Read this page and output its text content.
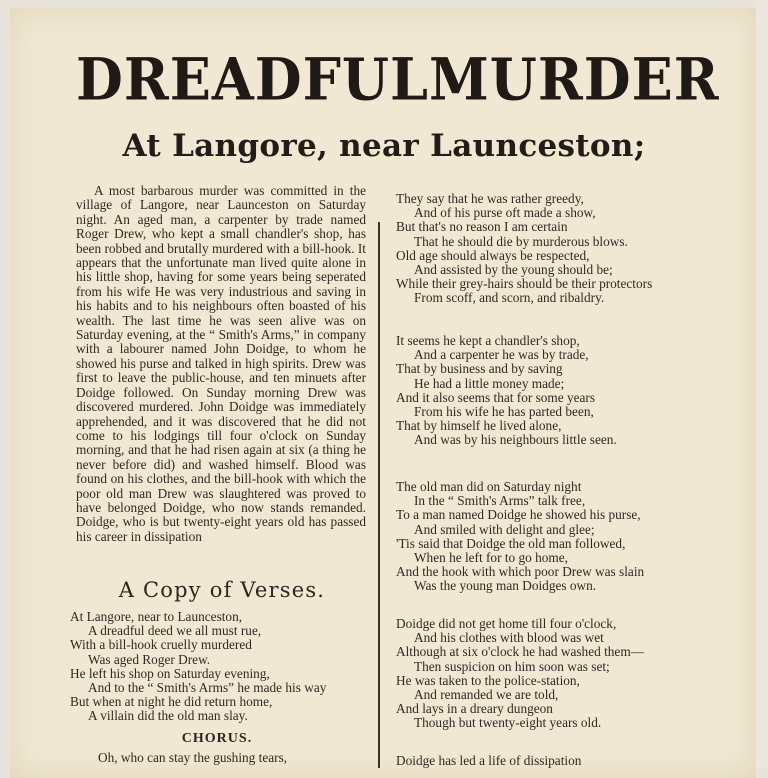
DREADFUL MURDER
At Langore, near Launceston;

A most barbarous murder was committed in the village of Langore, near Launceston on Saturday night. An aged man, a carpenter by trade named Roger Drew, who kept a small chandler's shop, has been robbed and brutally murdered with a bill-hook. It appears that the unfortunate man lived quite alone in his little shop, having for some years being seperated from his wife He was very industrious and saving in his habits and to his neighbours often boasted of his wealth. The last time he was seen alive was on Saturday evening, at the “ Smith's Arms,” in company with a labourer named John Doidge, to whom he showed his purse and talked in high spirits. Drew was first to leave the public-house, and ten minuets after Doidge followed. On Sunday morning Drew was discovered murdered. John Doidge was immediately apprehended, and it was discovered that he did not come to his lodgings till four o'clock on Sunday morning, and that he had risen again at six (a thing he never before did) and washed himself. Blood was found on his clothes, and the bill-hook with which the poor old man Drew was slaughtered was proved to have belonged Doidge, who now stands remanded. Doidge, who is but twenty-eight years old has passed his career in dissipation

A Copy of Verses.
At Langore, near to Launceston,
A dreadful deed we all must rue,
With a bill-hook cruelly murdered
Was aged Roger Drew.
He left his shop on Saturday evening,
And to the “ Smith's Arms” he made his way
But when at night he did return home,
A villain did the old man slay.
CHORUS.
Oh, who can stay the gushing tears,
They say that he was rather greedy,
And of his purse oft made a show,
But that's no reason I am certain
That he should die by murderous blows.
Old age should always be respected,
And assisted by the young should be;
While their grey-hairs should be their protectors
From scoff, and scorn, and ribaldry.
It seems he kept a chandler's shop,
And a carpenter he was by trade,
That by business and by saving
He had a little money made;
And it also seems that for some years
From his wife he has parted been,
That by himself he lived alone,
And was by his neighbours little seen.
The old man did on Saturday night
In the “ Smith's Arms” talk free,
To a man named Doidge he showed his purse,
And smiled with delight and glee;
'Tis said that Doidge the old man followed,
When he left for to go home,
And the hook with which poor Drew was slain
Was the young man Doidges own.
Doidge did not get home till four o'clock,
And his clothes with blood was wet
Although at six o'clock he had washed them—
Then suspicion on him soon was set;
He was taken to the police-station,
And remanded we are told,
And lays in a dreary dungeon
Though but twenty-eight years old.
Doidge has led a life of dissipation
